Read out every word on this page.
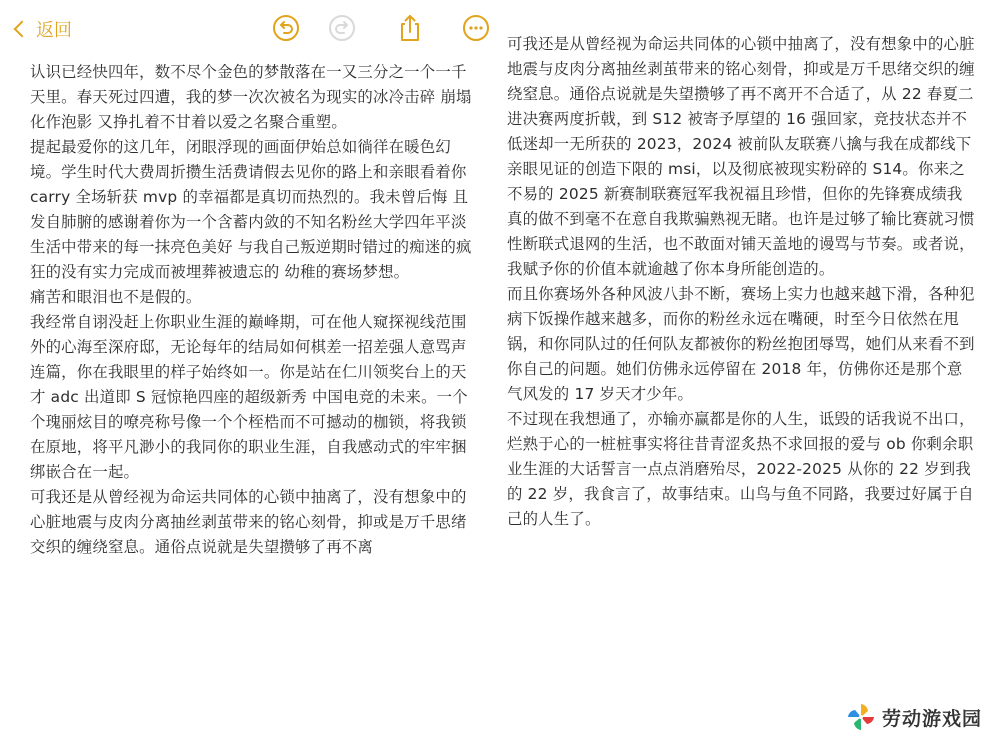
返回

认识已经快四年，数不尽个金色的梦散落在一又三分之一个一千天里。春天死过四遭，我的梦一次次被名为现实的冰冷击碎 崩塌 化作泡影 又挣扎着不甘着以爱之名聚合重塑。

提起最爱你的这几年，闭眼浮现的画面伊始总如徜徉在暖色幻境。学生时代大费周折攒生活费请假去见你的路上和亲眼看着你 carry 全场斩获 mvp 的幸福都是真切而热烈的。我未曾后悔 且发自肺腑的感谢着你为一个含蓄内敛的不知名粉丝大学四年平淡生活中带来的每一抹亮色美好 与我自己叛逆期时错过的痴迷的疯狂的没有实力完成而被埋葬被遗忘的 幼稚的赛场梦想。

痛苦和眼泪也不是假的。

我经常自诩没赶上你职业生涯的巅峰期，可在他人窥探视线范围外的心海至深府邸，无论每年的结局如何棋差一招差强人意骂声连篇，你在我眼里的样子始终如一。你是站在仁川领奖台上的天才 adc 出道即 S 冠惊艳四座的超级新秀 中国电竞的未来。一个个瑰丽炫目的嘹亮称号像一个个桎梏而不可撼动的枷锁，将我锁在原地，将平凡渺小的我同你的职业生涯，自我感动式的牢牢捆绑嵌合在一起。

可我还是从曾经视为命运共同体的心锁中抽离了，没有想象中的心脏地震与皮肉分离抽丝剥茧带来的铭心刻骨，抑或是万千思绪交织的缠绕窒息。通俗点说就是失望攒够了再不离

可我还是从曾经视为命运共同体的心锁中抽离了，没有想象中的心脏地震与皮肉分离抽丝剥茧带来的铭心刻骨，抑或是万千思绪交织的缠绕窒息。通俗点说就是失望攒够了再不离开不合适了，从 22 春夏二进决赛两度折戟，到 S12 被寄予厚望的 16 强回家，竞技状态并不低迷却一无所获的 2023，2024 被前队友联赛八擒与我在成都线下亲眼见证的创造下限的 msi，以及彻底被现实粉碎的 S14。你来之不易的 2025 新赛制联赛冠军我祝福且珍惜，但你的先锋赛成绩我真的做不到毫不在意自我欺骗熟视无睹。也许是过够了输比赛就习惯性断联式退网的生活，也不敢面对铺天盖地的谩骂与节奏。或者说，我赋予你的价值本就逾越了你本身所能创造的。

而且你赛场外各种风波八卦不断，赛场上实力也越来越下滑，各种犯病下饭操作越来越多，而你的粉丝永远在嘴硬，时至今日依然在甩锅，和你同队过的任何队友都被你的粉丝抱团辱骂，她们从来看不到你自己的问题。她们仿佛永远停留在 2018 年，仿佛你还是那个意气风发的 17 岁天才少年。

不过现在我想通了，亦输亦赢都是你的人生，诋毁的话我说不出口，烂熟于心的一桩桩事实将往昔青涩炙热不求回报的爱与 ob 你剩余职业生涯的大话誓言一点点消磨殆尽，2022-2025 从你的 22 岁到我的 22 岁，我食言了，故事结束。山鸟与鱼不同路，我要过好属于自己的人生了。

劳动游戏园
